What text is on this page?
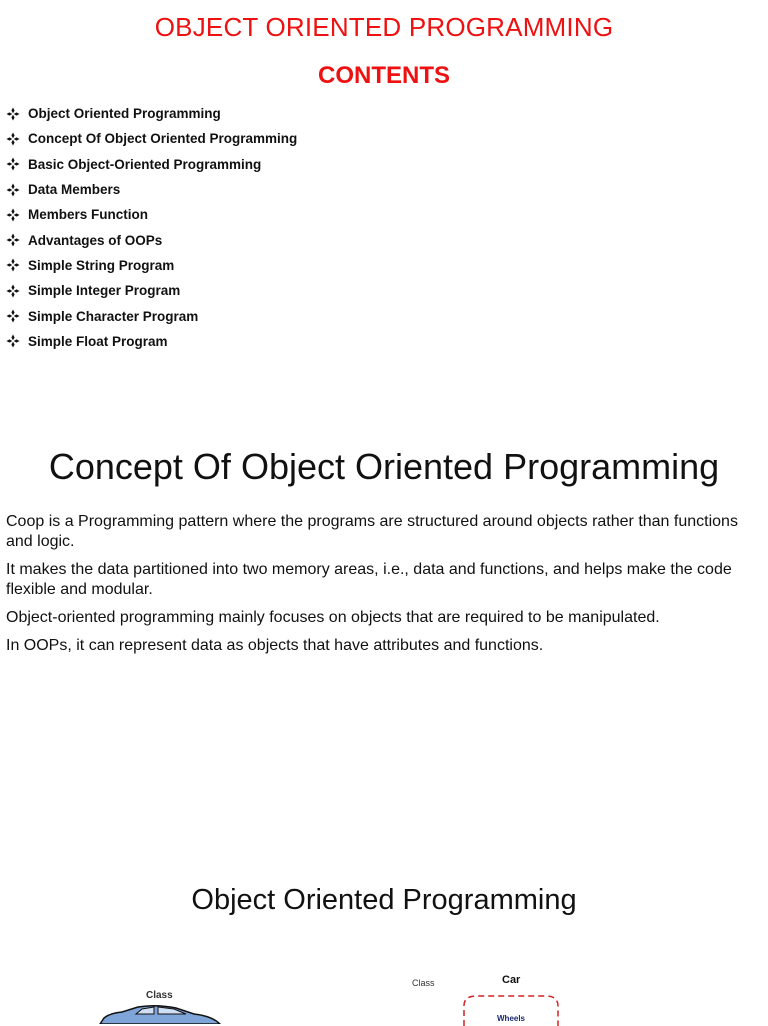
OBJECT ORIENTED PROGRAMMING
CONTENTS
Object Oriented Programming
Concept Of Object Oriented Programming
Basic Object-Oriented Programming
Data Members
Members Function
Advantages of OOPs
Simple String Program
Simple Integer Program
Simple Character Program
Simple Float Program
Concept Of Object Oriented Programming

Coop is a Programming pattern where the programs are structured around objects rather than functions and logic.

It makes the data partitioned into two memory areas, i.e., data and functions, and helps make the code flexible and modular.

Object-oriented programming mainly focuses on objects that are required to be manipulated.

In OOPs, it can represent data as objects that have attributes and functions.

Object Oriented Programming
Class
Class	Car
Wheels
